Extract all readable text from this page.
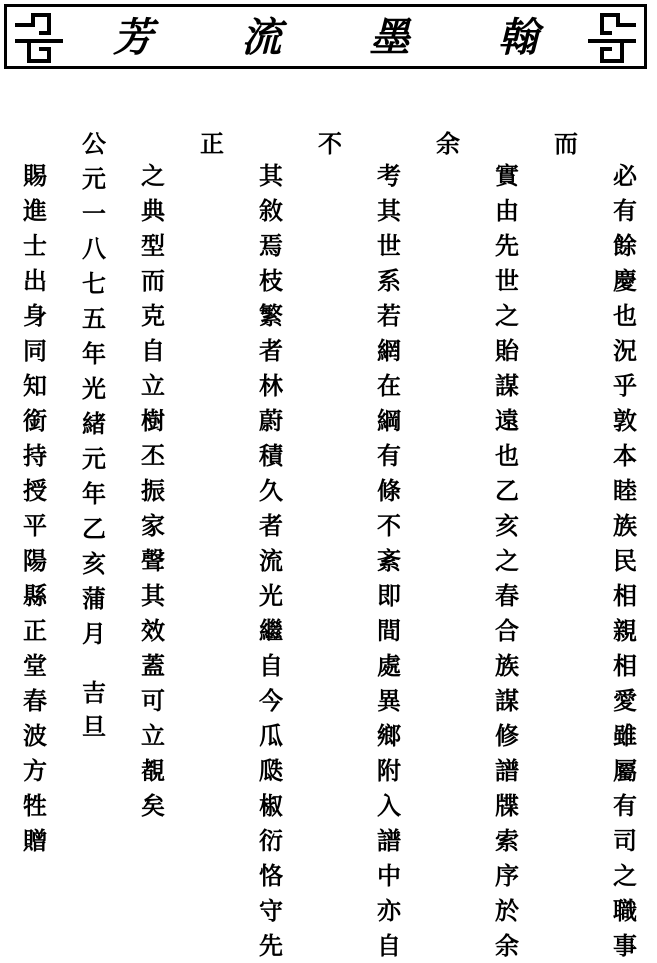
芳 流 墨 翰
而
余
不
正
必
有
餘
慶
也
況
乎
敦
本
睦
族
民
相
親
相
愛
雖
屬
有
司
之
職
事
實
由
先
世
之
貽
謀
遠
也
乙
亥
之
春
合
族
謀
修
譜
牒
索
序
於
余
考
其
世
系
若
網
在
綱
有
條
不
紊
即
間
處
異
鄉
附
入
譜
中
亦
自
其
敘
焉
枝
繁
者
林
蔚
積
久
者
流
光
繼
自
今
瓜
瓞
椒
衍
恪
守
先
之
典
型
而
克
自
立
樹
丕
振
家
聲
其
效
蓋
可
立
覩
矣
公
元
一
八
七
五
年
光
緒
元
年
乙
亥
蒲
月
賜
進
士
出
身
同
知
銜
持
授
平
陽
縣
正
堂
春
波
方
牲
贈
吉
旦
